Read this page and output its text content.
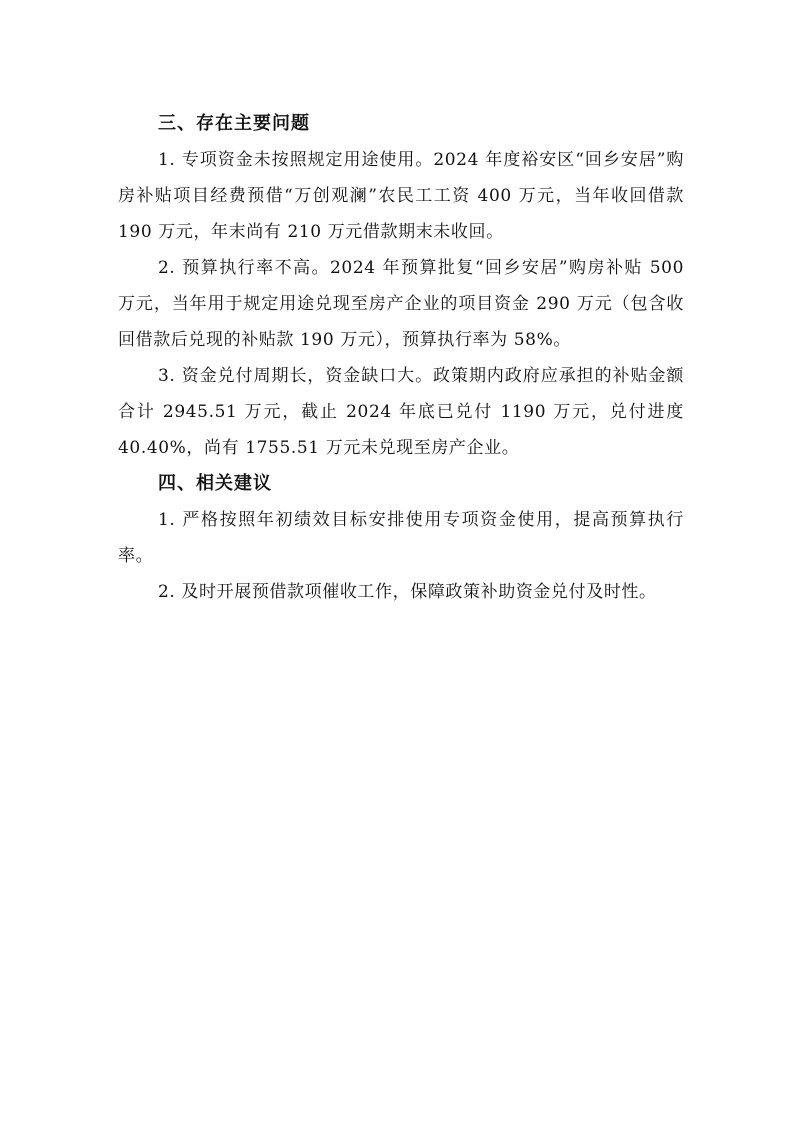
三、存在主要问题

1. 专项资金未按照规定用途使用。2024 年度裕安区“回乡安居”购房补贴项目经费预借“万创观澜”农民工工资 400 万元，当年收回借款 190 万元，年末尚有 210 万元借款期末未收回。

2. 预算执行率不高。2024 年预算批复“回乡安居”购房补贴 500 万元，当年用于规定用途兑现至房产企业的项目资金 290 万元（包含收回借款后兑现的补贴款 190 万元），预算执行率为 58%。

3. 资金兑付周期长，资金缺口大。政策期内政府应承担的补贴金额合计 2945.51 万元，截止 2024 年底已兑付 1190 万元，兑付进度 40.40%，尚有 1755.51 万元未兑现至房产企业。

四、相关建议

1. 严格按照年初绩效目标安排使用专项资金使用，提高预算执行率。

2. 及时开展预借款项催收工作，保障政策补助资金兑付及时性。
